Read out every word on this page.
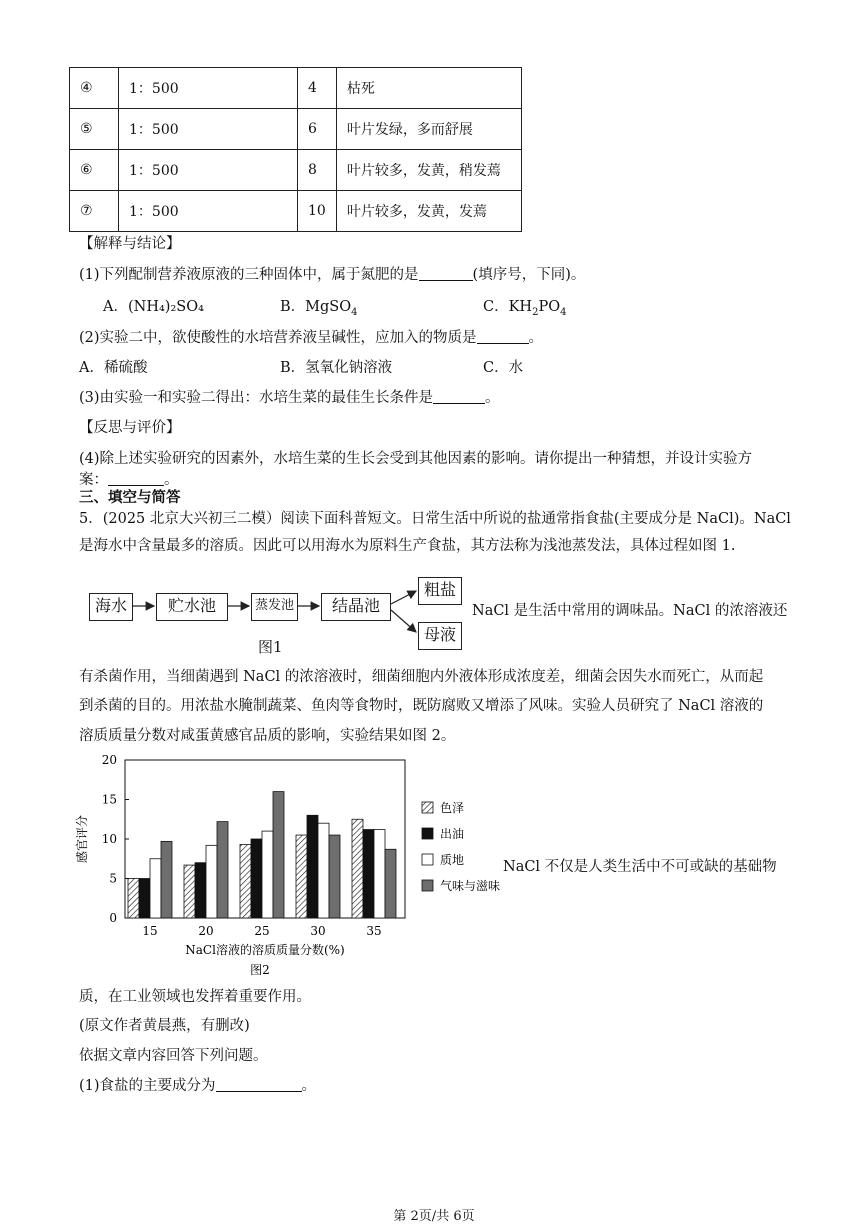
④	1：500	4	枯死
⑤	1：500	6	叶片发绿，多而舒展
⑥	1：500	8	叶片较多，发黄，稍发蔫
⑦	1：500	10	叶片较多，发黄，发蔫
【解释与结论】
(1)下列配制营养液原液的三种固体中，属于氮肥的是	(填序号，下同)。
A．(NH₄)₂SO₄	B．MgSO$_4$	C．$KH_2PO_4$
(2)实验二中，欲使酸性的水培营养液呈碱性，应加入的物质是	。
A．稀硫酸	B．氢氧化钠溶液	C．水
(3)由实验一和实验二得出：水培生菜的最佳生长条件是	。
【反思与评价】
(4)除上述实验研究的因素外，水培生菜的生长会受到其他因素的影响。请你提出一种猜想，并设计实验方
案：	。
三、填空与简答
5．(2025 北京大兴初三二模）阅读下面科普短文。日常生活中所说的盐通常指食盐(主要成分是 NaCl)。NaCl
是海水中含量最多的溶质。因此可以用海水为原料生产食盐，其方法称为浅池蒸发法，具体过程如图 1.
海水	贮水池	蒸发池	结晶池
粗盐
母液
图1
NaCl 是生活中常用的调味品。NaCl 的浓溶液还
有杀菌作用，当细菌遇到 NaCl 的浓溶液时，细菌细胞内外液体形成浓度差，细菌会因失水而死亡，从而起
到杀菌的目的。用浓盐水腌制蔬菜、鱼肉等食物时，既防腐败又增添了风味。实验人员研究了 NaCl 溶液的
溶质质量分数对咸蛋黄感官品质的影响，实验结果如图 2。
0
5
10
15
20
感官评分
15	20	25	30	35
NaCl溶液的溶质质量分数(%)
图2
色泽
出油
质地
气味与滋味
NaCl 不仅是人类生活中不可或缺的基础物
质，在工业领域也发挥着重要作用。
(原文作者黄晨燕，有删改)
依据文章内容回答下列问题。
(1)食盐的主要成分为	。
第 2页/共 6页
